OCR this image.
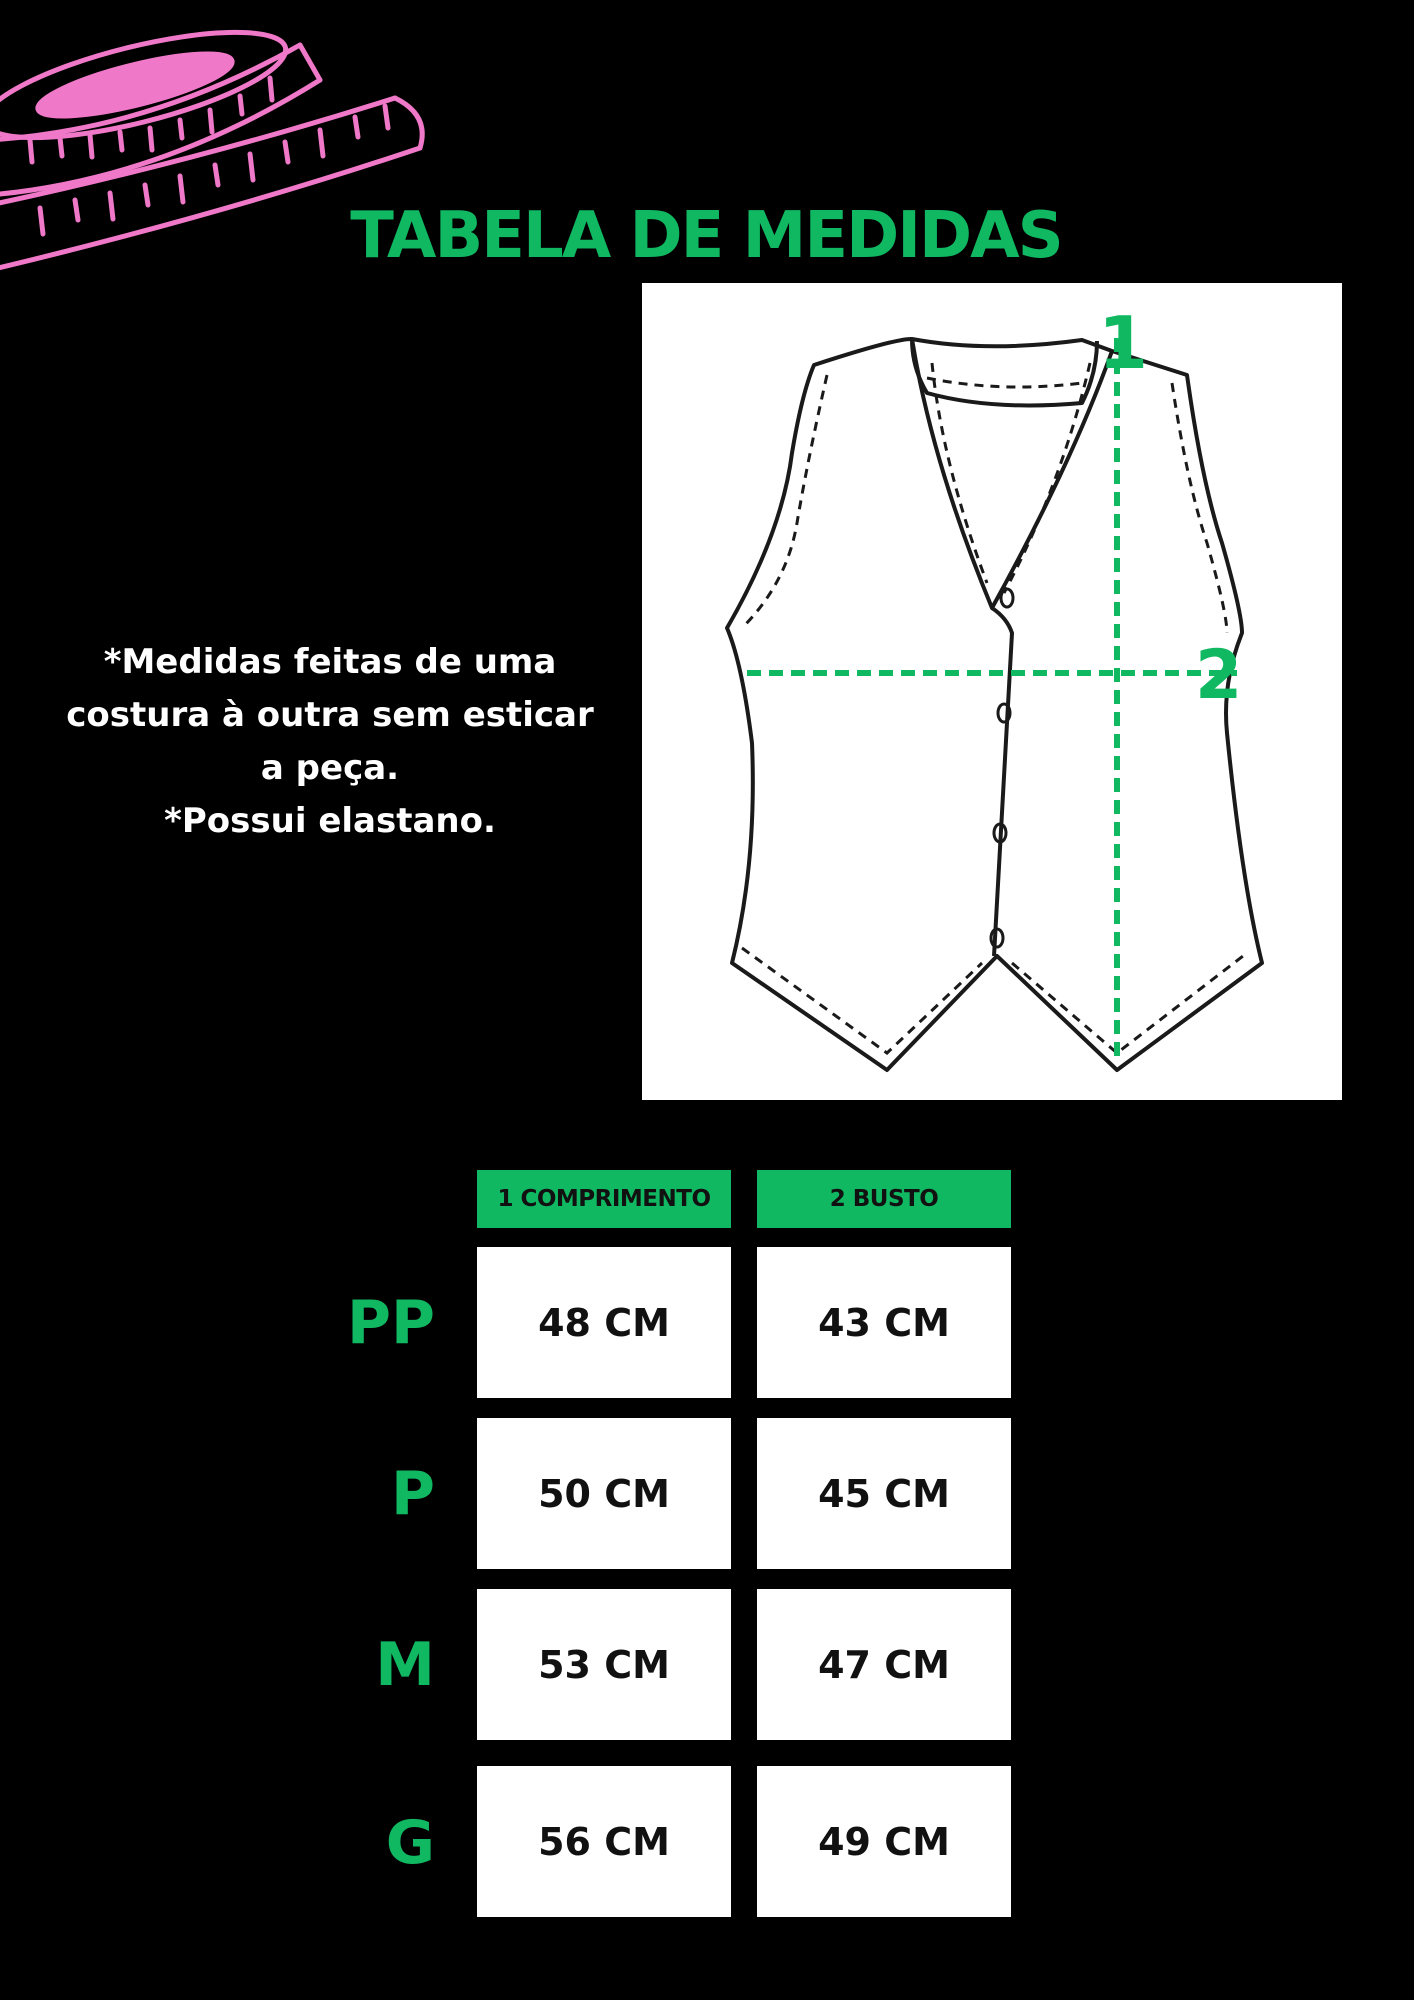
TABELA DE MEDIDAS
*Medidas feitas de uma
costura à outra sem esticar
a peça.
*Possui elastano.
1
2
1 COMPRIMENTO	2 BUSTO
PP	48 CM	43 CM
P	50 CM	45 CM
M	53 CM	47 CM
G	56 CM	49 CM
